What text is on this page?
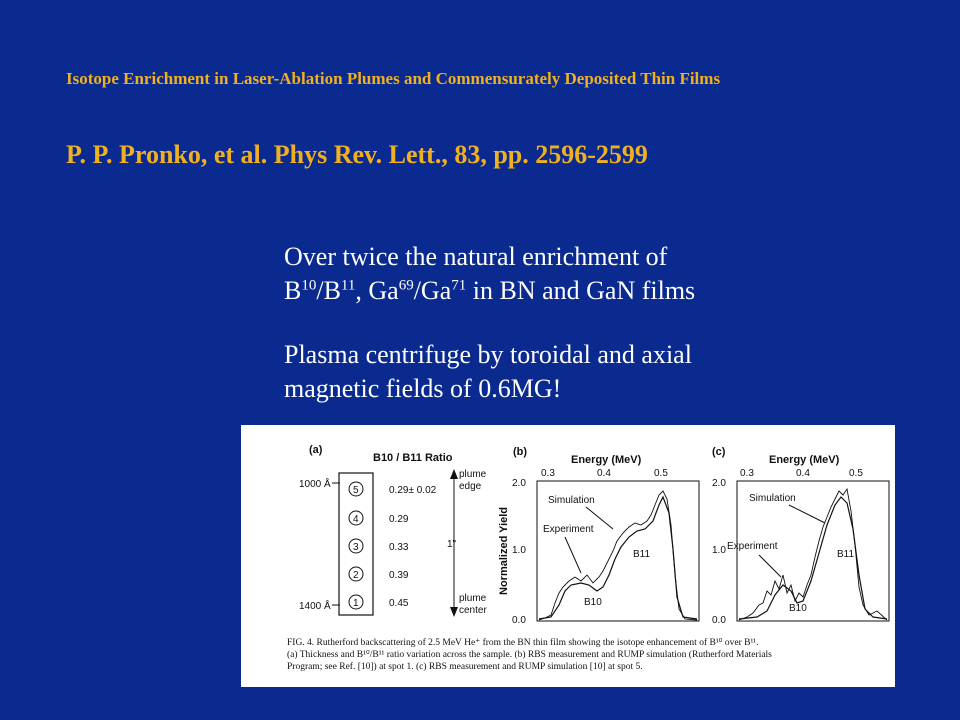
Isotope Enrichment in Laser-Ablation Plumes and Commensurately Deposited Thin Films
P. P. Pronko, et al. Phys Rev. Lett., 83, pp. 2596-2599
Over twice the natural enrichment of
$B^{10}/B^{11}$, Ga$^{69}$/Ga$^{71}$ in BN and GaN films
Plasma centrifuge by toroidal and axial
magnetic fields of 0.6MG!
(a)
B10 / B11 Ratio
1000 Å
1400 Å
5	0.29± 0.02
4	0.29
3	0.33
2	0.39
1	0.45
plume
edge
plume
center
1"
(b)
Energy (MeV)
0.3	0.4	0.5
2.0
1.0
0.0
Normalized Yield
Simulation
Experiment
B11
B10
(c)
Energy (MeV)
0.3	0.4	0.5
2.0
1.0
0.0
Simulation
Experiment
B11
B10
FIG. 4. Rutherford backscattering of 2.5 MeV He⁺ from the BN thin film showing the isotope enhancement of B¹⁰ over B¹¹.
(a) Thickness and B¹⁰/B¹¹ ratio variation across the sample. (b) RBS measurement and RUMP simulation (Rutherford Materials
Program; see Ref. [10]) at spot 1. (c) RBS measurement and RUMP simulation [10] at spot 5.
